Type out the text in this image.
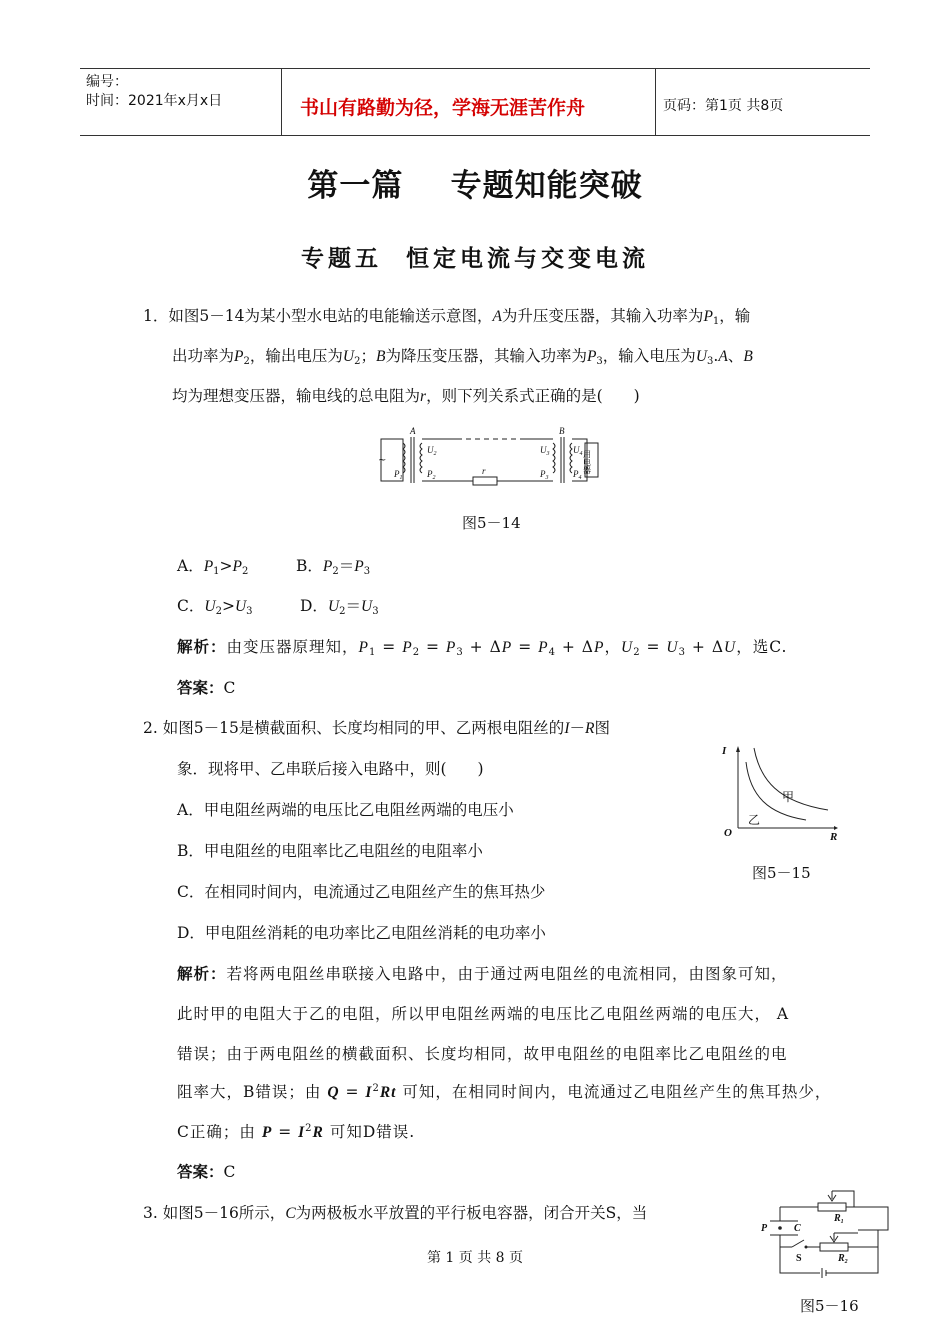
编号：
时间：2021年x月x日	书山有路勤为径，学海无涯苦作舟	页码：第1页 共8页
第一篇    专题知能突破
专题五  恒定电流与交变电流
1．如图5－14为某小型水电站的电能输送示意图，A为升压变压器，其输入功率为$P_1$，输
出功率为$P_2$，输出电压为$U_2$；B为降压变压器，其输入功率为$P_3$，输入电压为$U_3.A$、B
均为理想变压器，输电线的总电阻为r，则下列关系式正确的是(　　)
A	B
r
$U_2$
$P_2$
$P_1$
$U_3$
$P_3$
$U_4$
$P_4$
~	用电器
图5－14
A．$P_1>P_2$	B．$P_2=P_3$
C．$U_2>U_3$	D．$U_2=U_3$
解析：由变压器原理知，$P_1 = P_2 = P_3 + \Delta P = P_4 + \Delta P$，$U_2 = U_3 + \Delta U$，选C.
答案：C
2. 如图5－15是横截面积、长度均相同的甲、乙两根电阻丝的I－R图
象．现将甲、乙串联后接入电路中，则(　　)
A．甲电阻丝两端的电压比乙电阻丝两端的电压小
B．甲电阻丝的电阻率比乙电阻丝的电阻率小
C．在相同时间内，电流通过乙电阻丝产生的焦耳热少
D．甲电阻丝消耗的电功率比乙电阻丝消耗的电功率小
I
R
O
甲
乙
图5－15
解析：若将两电阻丝串联接入电路中，由于通过两电阻丝的电流相同，由图象可知，
此时甲的电阻大于乙的电阻，所以甲电阻丝两端的电压比乙电阻丝两端的电压大， A
错误；由于两电阻丝的横截面积、长度均相同，故甲电阻丝的电阻率比乙电阻丝的电
阻率大，B错误；由 $Q = I^2Rt$ 可知，在相同时间内，电流通过乙电阻丝产生的焦耳热少，
C正确；由 $P = I^2R$ 可知D错误.
答案：C
3. 如图5－16所示，C为两极板水平放置的平行板电容器，闭合开关S，当
P	C
S
$R_1$
$R_2$
图5－16
第 1 页 共 8 页
